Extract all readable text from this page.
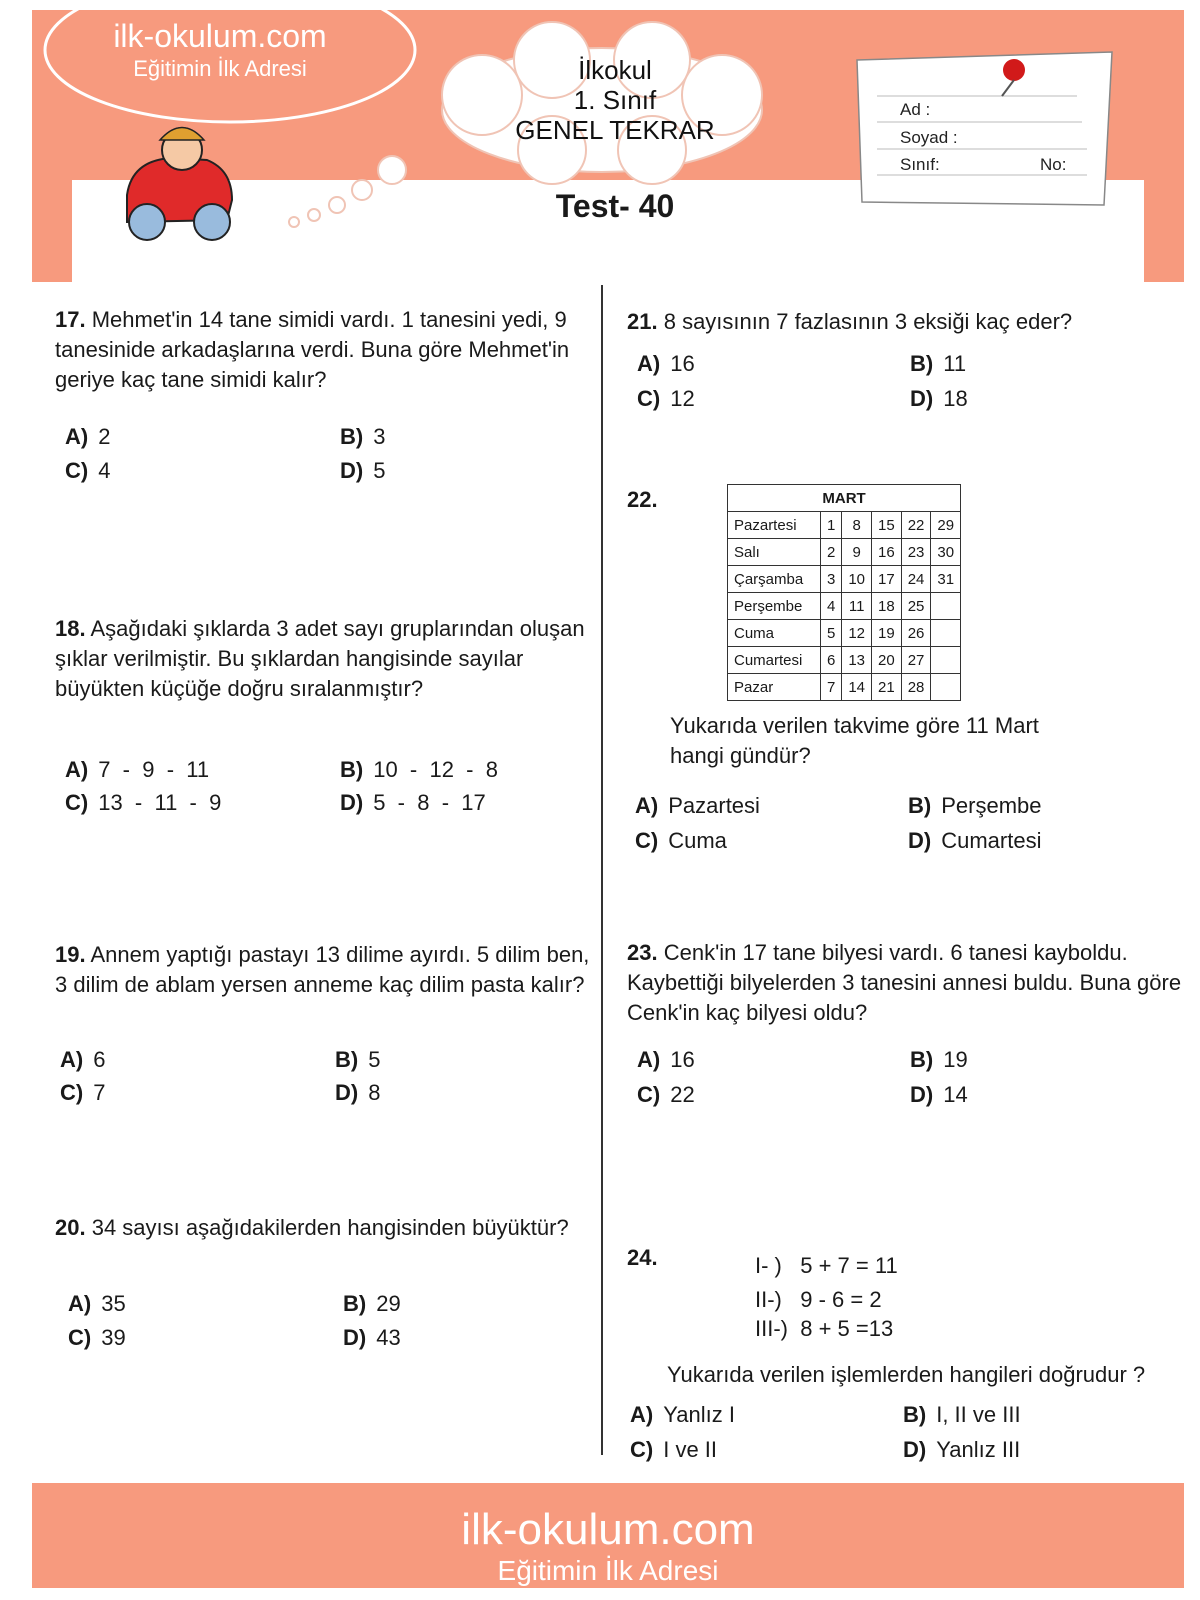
ilk-okulum.com
Eğitimin İlk Adresi	İlkokul
1. Sınıf
GENEL TEKRAR
Test- 40
Ad :
Soyad :
Sınıf:	No:
17. Mehmet'in 14 tane simidi vardı. 1 tanesini yedi, 9 tanesinide arkadaşlarına verdi. Buna göre Mehmet'in geriye kaç tane simidi kalır?
A) 2	B) 3
C) 4	D) 5
18. Aşağıdaki şıklarda 3 adet sayı gruplarından oluşan şıklar verilmiştir. Bu şıklardan hangisinde sayılar büyükten küçüğe doğru sıralanmıştır?
A) 7  -  9  -  11	B) 10  -  12  -  8
C) 13  -  11  -  9	D) 5  -  8  -  17
19. Annem yaptığı pastayı 13 dilime ayırdı. 5 dilim ben, 3 dilim de ablam yersen anneme kaç dilim pasta kalır?
A) 6	B) 5
C) 7	D) 8
20. 34 sayısı aşağıdakilerden hangisinden büyüktür?
A) 35	B) 29
C) 39	D) 43
21. 8 sayısının 7 fazlasının 3 eksiği kaç eder?
A) 16	B) 11
C) 12	D) 18
22.	MART					
Pazartesi	1	8	15	22	29
Salı	2	9	16	23	30
Çarşamba	3	10	17	24	31
Perşembe	4	11	18	25	
Cuma	5	12	19	26	
Cumartesi	6	13	20	27	
Pazar	7	14	21	28	
Yukarıda verilen takvime göre 11 Mart hangi gündür?
A) Pazartesi	B) Perşembe
C) Cuma	D) Cumartesi
23. Cenk'in 17 tane bilyesi vardı. 6 tanesi kayboldu. Kaybettiği bilyelerden 3 tanesini annesi buldu. Buna göre Cenk'in kaç bilyesi oldu?
A) 16	B) 19
C) 22	D) 14
24.	I- ) 5 + 7 = 11
II-) 9 - 6 = 2
III-) 8 + 5 =13
Yukarıda verilen işlemlerden hangileri doğrudur ?
A) Yanlız I	B) I, II ve III
C) I ve II	D) Yanlız III
ilk-okulum.com
Eğitimin İlk Adresi
